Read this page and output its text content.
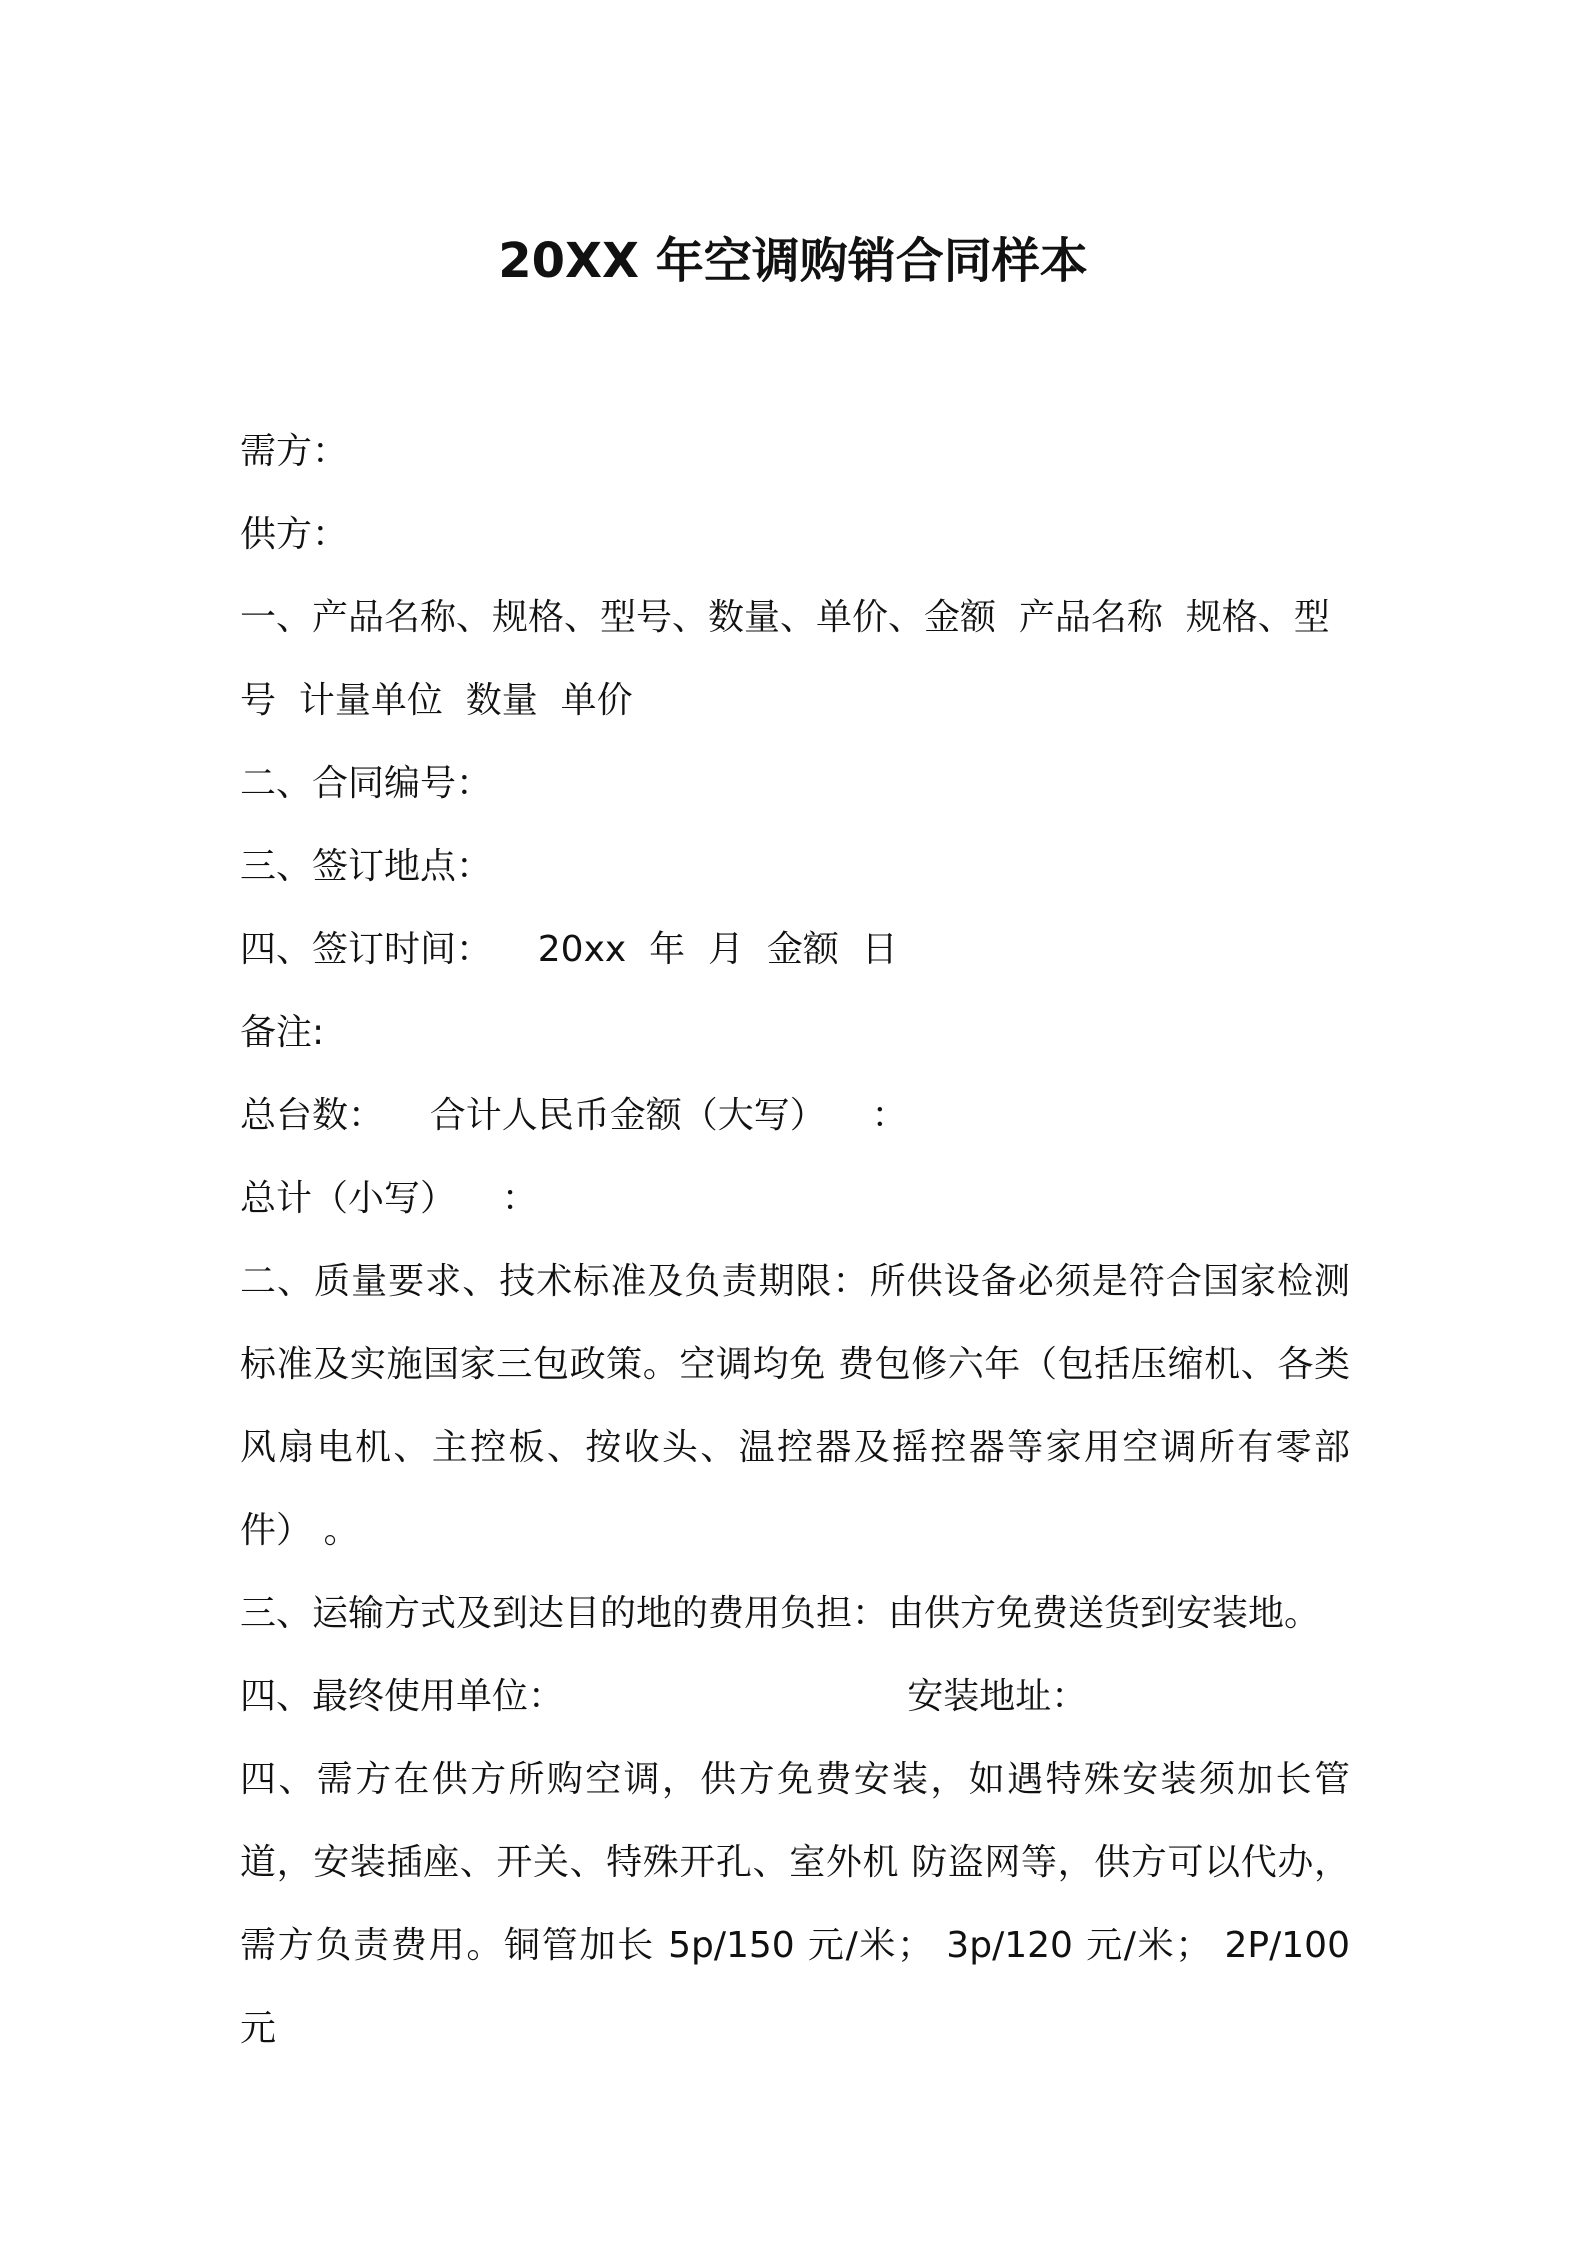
20XX 年空调购销合同样本

需方：

供方：

一、产品名称、规格、型号、数量、单价、金额  产品名称  规格、型

号  计量单位  数量  单价

二、合同编号：

三、签订地点：

四、签订时间：    20xx  年  月  金额  日

备注:

总台数：    合计人民币金额（大写）    ：

总计（小写）    ：

二、质量要求、技术标准及负责期限：所供设备必须是符合国家检测标准及实施国家三包政策。空调均免 费包修六年（包括压缩机、各类风扇电机、主控板、按收头、温控器及摇控器等家用空调所有零部件） 。

三、运输方式及到达目的地的费用负担：由供方免费送货到安装地。

四、最终使用单位：                              安装地址：

四、需方在供方所购空调，供方免费安装，如遇特殊安装须加长管道，安装插座、开关、特殊开孔、室外机 防盗网等，供方可以代办，需方负责费用。铜管加长 5p/150 元/米； 3p/120 元/米； 2P/100 元
